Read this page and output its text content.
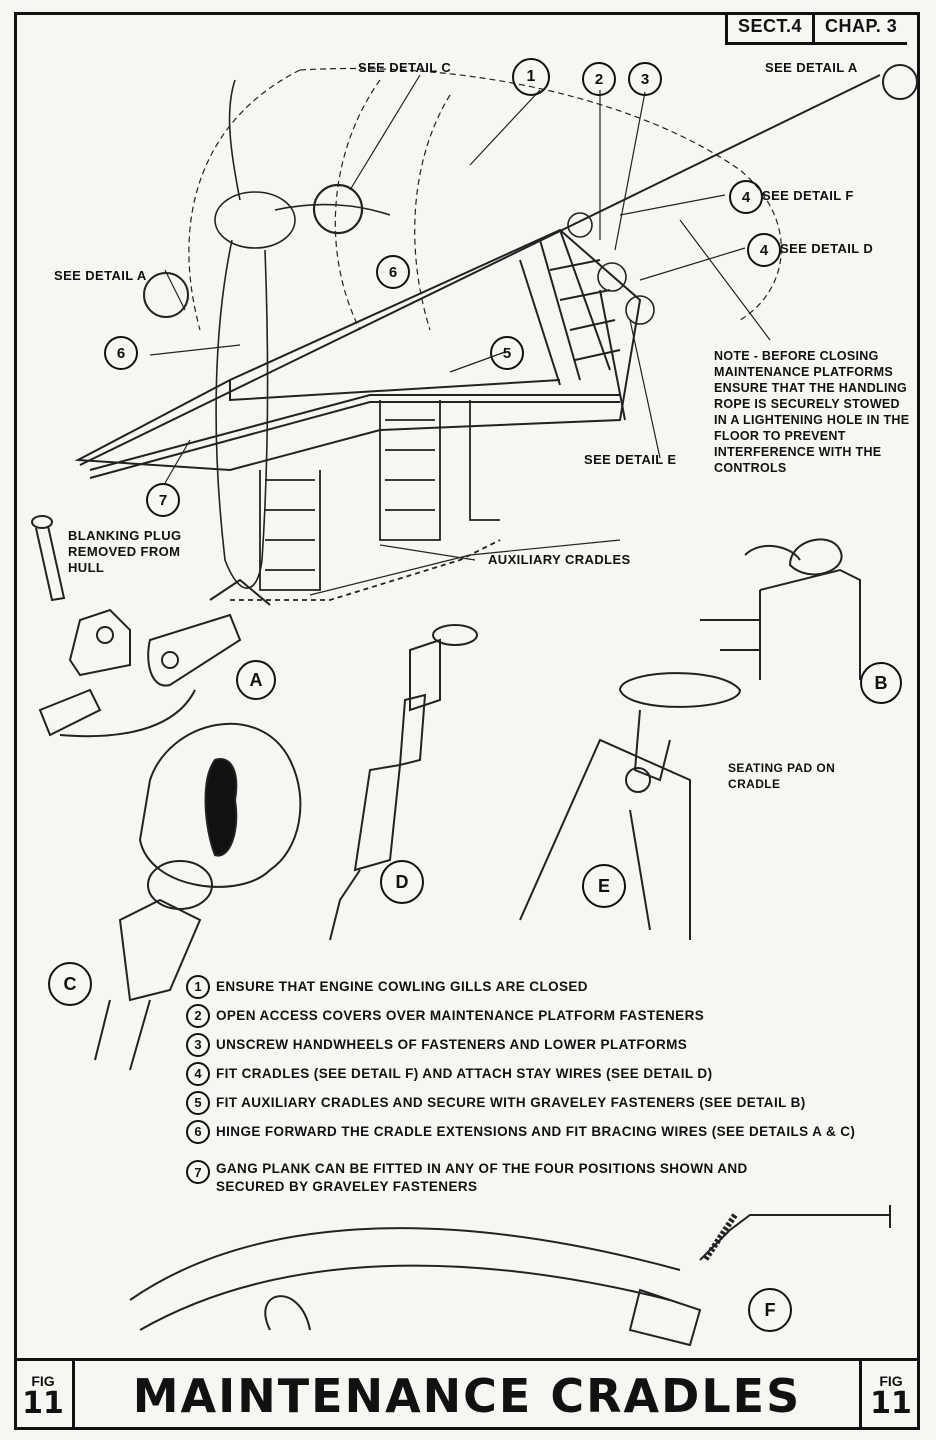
SECT.4	CHAP. 3
1	2	3
4
4
5
6
6
7
A	B
C
D	E
F
SEE DETAIL C	SEE DETAIL A
SEE DETAIL F
SEE DETAIL D
SEE DETAIL A
SEE DETAIL E
AUXILIARY CRADLES
BLANKING PLUG REMOVED FROM HULL
SEATING PAD ON CRADLE
NOTE - BEFORE CLOSING MAINTENANCE PLATFORMS ENSURE THAT THE HANDLING ROPE IS SECURELY STOWED IN A LIGHTENING HOLE IN THE FLOOR TO PREVENT INTERFERENCE WITH THE CONTROLS
1	ENSURE THAT ENGINE COWLING GILLS ARE CLOSED
2	OPEN ACCESS COVERS OVER MAINTENANCE PLATFORM FASTENERS
3	UNSCREW HANDWHEELS OF FASTENERS AND LOWER PLATFORMS
4	FIT CRADLES (SEE DETAIL F) AND ATTACH STAY WIRES (SEE DETAIL D)
5	FIT AUXILIARY CRADLES AND SECURE WITH GRAVELEY FASTENERS (SEE DETAIL B)
6	HINGE FORWARD THE CRADLE EXTENSIONS AND FIT BRACING WIRES (SEE DETAILS A & C)
7	GANG PLANK CAN BE FITTED IN ANY OF THE FOUR POSITIONS SHOWN AND SECURED BY GRAVELEY FASTENERS
FIG
11	MAINTENANCE CRADLES	FIG
11
